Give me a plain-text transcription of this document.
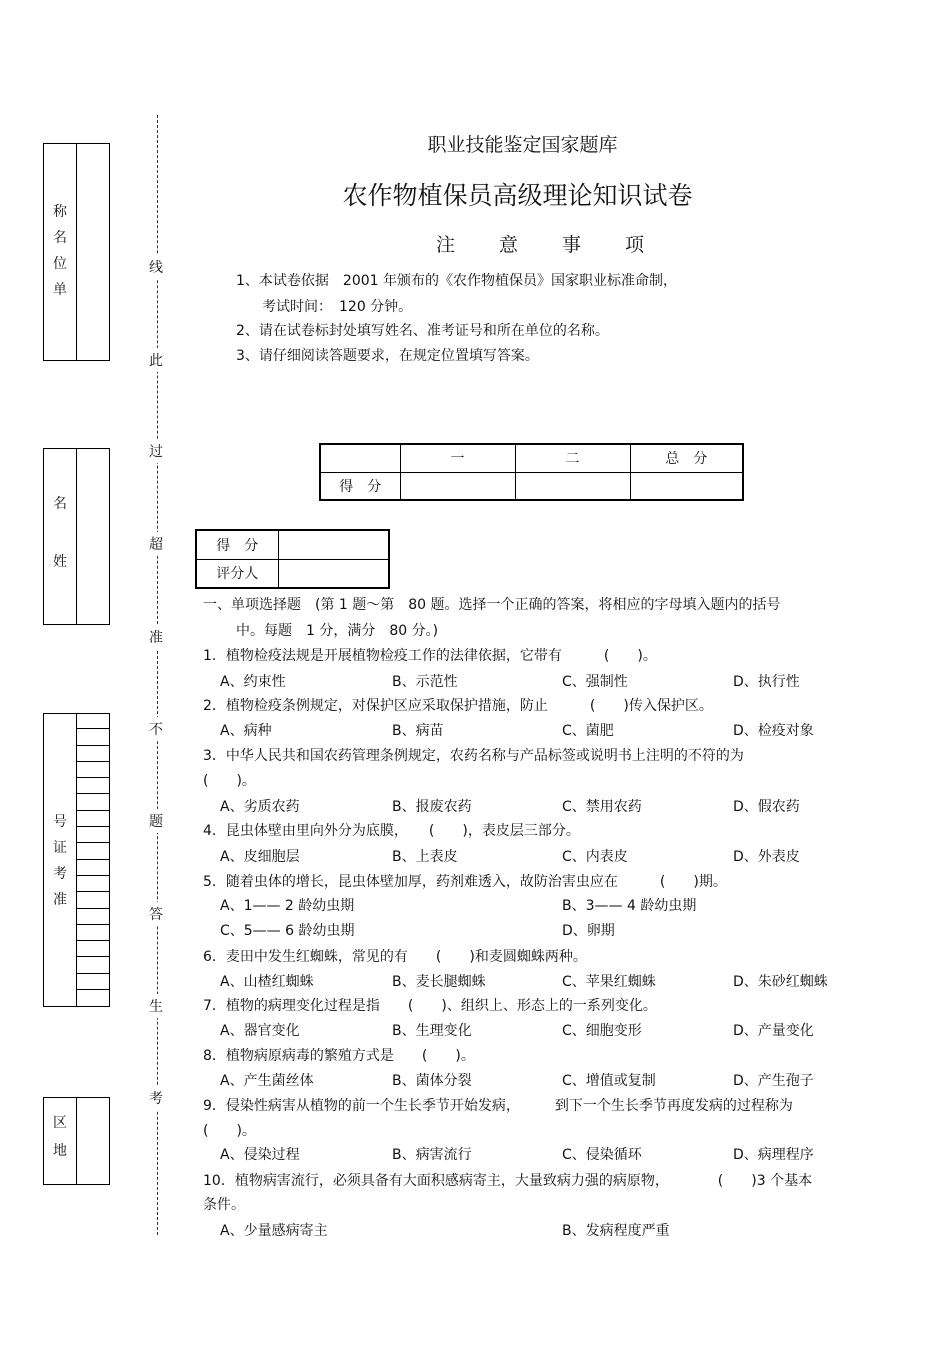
称
名
位
单
名
姓
号
证
考
准
区
地
线
此
过
超
准
不
题
答
生
考
职业技能鉴定国家题库
农作物植保员高级理论知识试卷
注意事项
1、本试卷依据　2001 年颁布的《农作物植保员》国家职业标准命制，
考试时间：　120 分钟。
2、请在试卷标封处填写姓名、准考证号和所在单位的名称。
3、请仔细阅读答题要求，在规定位置填写答案。
	一	二	总　分
得　分			
得　分	
评分人	
一、单项选择题　(第 1 题～第　80 题。选择一个正确的答案，将相应的字母填入题内的括号
中。每题　1 分，满分　80 分。)
1．植物检疫法规是开展植物检疫工作的法律依据，它带有　　　(　　)。
A、约束性	B、示范性	C、强制性	D、执行性
2．植物检疫条例规定，对保护区应采取保护措施，防止　　　(　　)传入保护区。
A、病种	B、病苗	C、菌肥	D、检疫对象
3．中华人民共和国农药管理条例规定，农药名称与产品标签或说明书上注明的不符的为
(　　)。
A、劣质农药	B、报废农药	C、禁用农药	D、假农药
4．昆虫体壁由里向外分为底膜，　　(　　)，表皮层三部分。
A、皮细胞层	B、上表皮	C、内表皮	D、外表皮
5．随着虫体的增长，昆虫体壁加厚，药剂难透入，故防治害虫应在　　　(　　)期。
A、1—— 2 龄幼虫期	B、3—— 4 龄幼虫期
C、5—— 6 龄幼虫期	D、卵期
6．麦田中发生红蜘蛛，常见的有　　(　　)和麦圆蜘蛛两种。
A、山楂红蜘蛛	B、麦长腿蜘蛛	C、苹果红蜘蛛	D、朱砂红蜘蛛
7．植物的病理变化过程是指　　(　　)、组织上、形态上的一系列变化。
A、器官变化	B、生理变化	C、细胞变形	D、产量变化
8．植物病原病毒的繁殖方式是　　(　　)。
A、产生菌丝体	B、菌体分裂	C、增值或复制	D、产生孢子
9．侵染性病害从植物的前一个生长季节开始发病，　　　到下一个生长季节再度发病的过程称为
(　　)。
A、侵染过程	B、病害流行	C、侵染循环	D、病理程序
10．植物病害流行，必须具备有大面积感病寄主，大量致病力强的病原物，　　　　(　　)3 个基本
条件。
A、少量感病寄主	B、发病程度严重
